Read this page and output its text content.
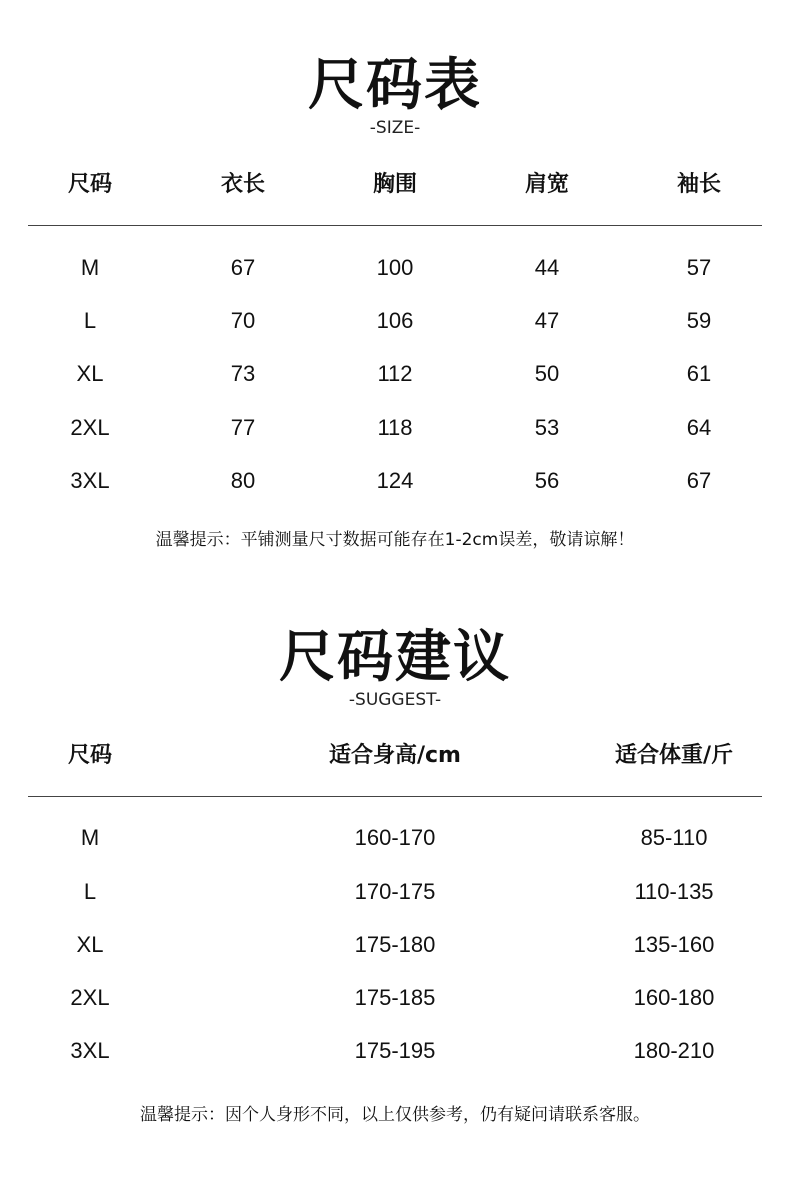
尺码表
-SIZE-
尺码	衣长	胸围	肩宽	袖长
M	67	100	44	57
L	70	106	47	59
XL	73	112	50	61
2XL	77	118	53	64
3XL	80	124	56	67
温馨提示：平铺测量尺寸数据可能存在1-2cm误差，敬请谅解！
尺码建议
-SUGGEST-
尺码	适合身高/cm	适合体重/斤
M	160-170	85-110
L	170-175	110-135
XL	175-180	135-160
2XL	175-185	160-180
3XL	175-195	180-210
温馨提示：因个人身形不同，以上仅供参考，仍有疑问请联系客服。
